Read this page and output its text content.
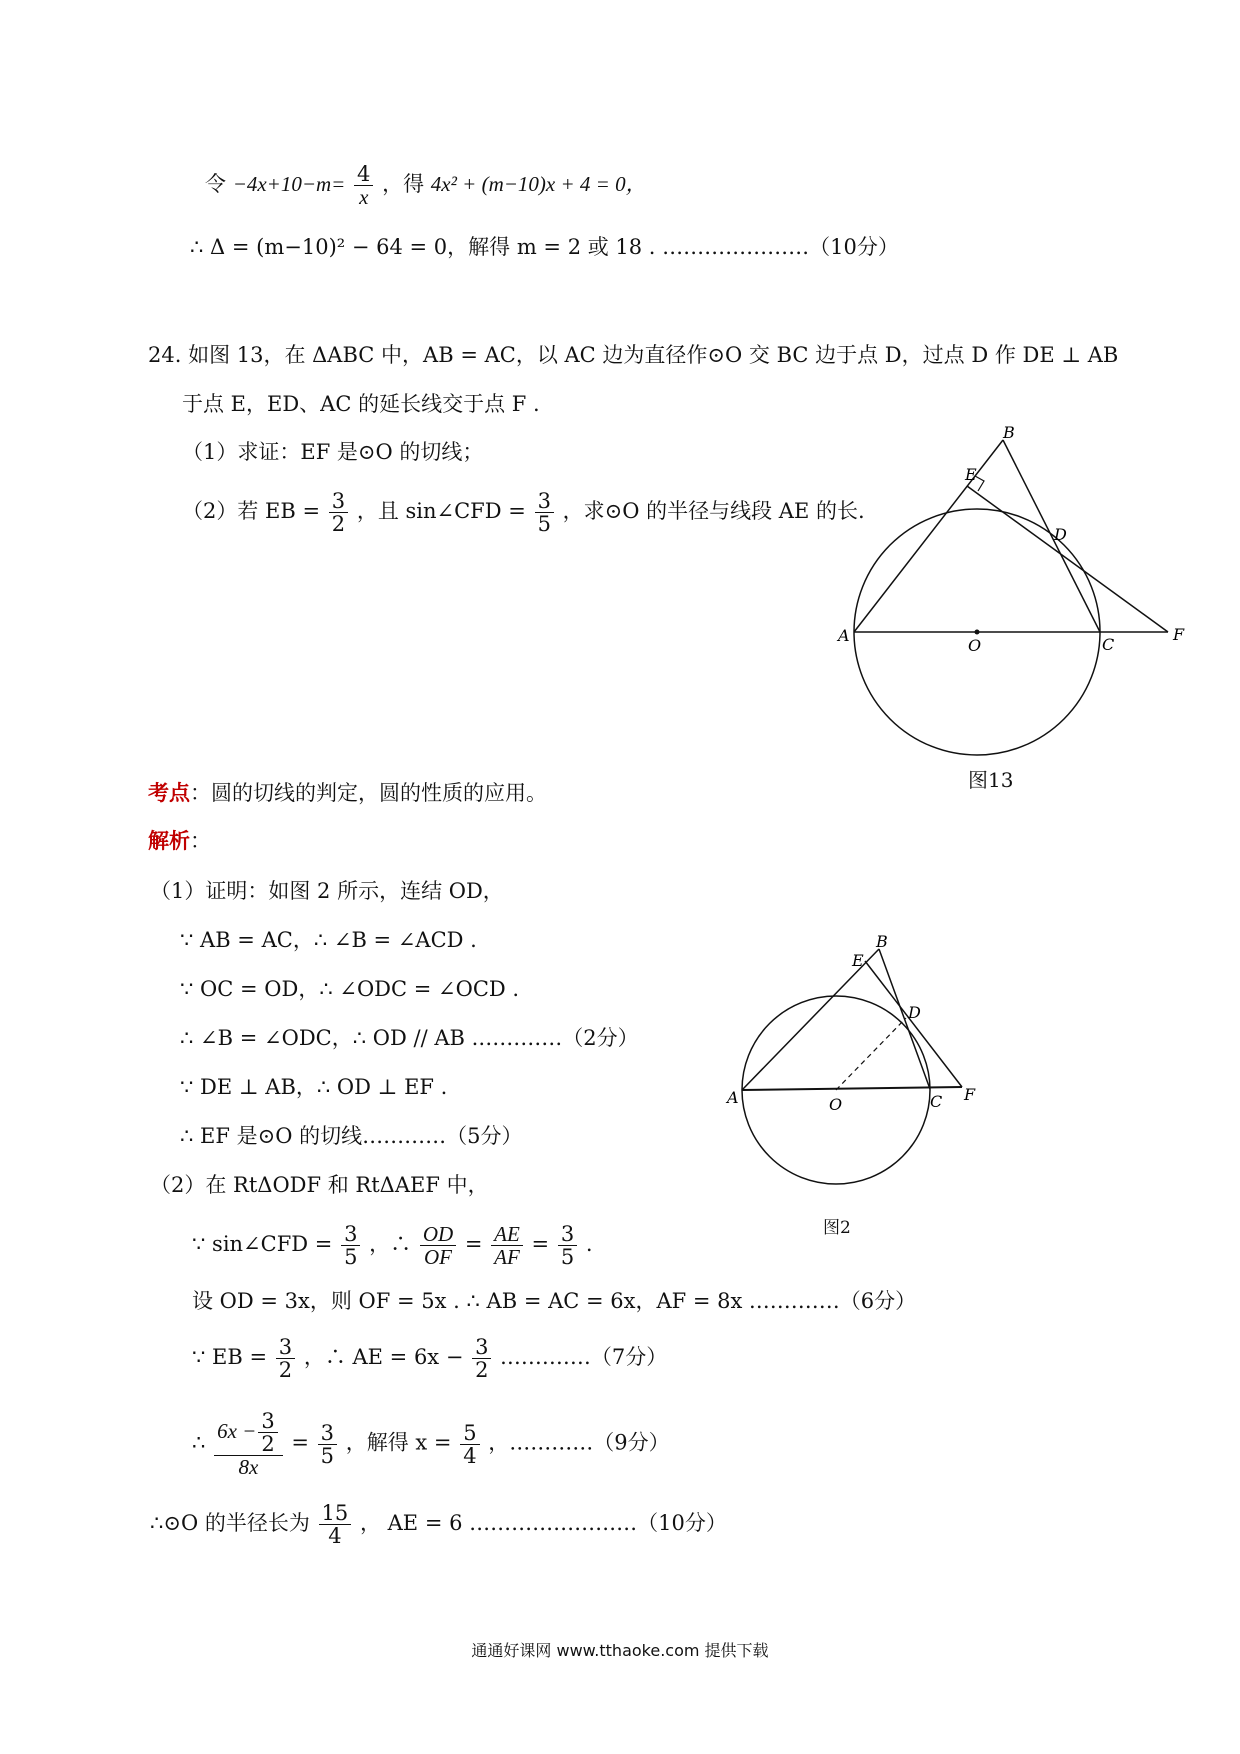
令 $-4x+10-m= \frac{4}{x}$ ，得 4x² + (m−10)x + 4 = 0，
∴ Δ = (m−10)² − 64 = 0，解得 m = 2 或 18 . …………………（10分）
24. 如图 13，在 ΔABC 中，AB = AC，以 AC 边为直径作⊙O 交 BC 边于点 D，过点 D 作 DE ⊥ AB
于点 E，ED、AC 的延长线交于点 F .
（1）求证：EF 是⊙O 的切线；
（2）若 EB = $\frac{3}{2}$ ，且 sin∠CFD = $\frac{3}{5}$ ，求⊙O 的半径与线段 AE 的长.
A
B
C
D
E
F
O
图13
考点：圆的切线的判定，圆的性质的应用。
解析：
（1）证明：如图 2 所示，连结 OD，
∵ AB = AC，∴ ∠B = ∠ACD .
∵ OC = OD，∴ ∠ODC = ∠OCD .
∴ ∠B = ∠ODC，∴ OD // AB .…………（2分）
∵ DE ⊥ AB，∴ OD ⊥ EF .
∴ EF 是⊙O 的切线…………（5分）
（2）在 RtΔODF 和 RtΔAEF 中，
∵ sin∠CFD = $\frac{3}{5}$ ，∴ $\frac{OD}{OF} = \frac{AE}{AF} = \frac{3}{5}$ .
设 OD = 3x，则 OF = 5x . ∴ AB = AC = 6x，AF = 8x .…………（6分）
∵ EB = $\frac{3}{2}$ ，∴ AE = $6x - \frac{3}{2}$ .…………（7分）
∴ $\frac{6x - \frac{3}{2}}{8x} = \frac{3}{5}$ ，解得 $x = \frac{5}{4}$ ，…………（9分）
∴⊙O 的半径长为 $\frac{15}{4}$ ， AE = 6 ……………………（10分）
A
B
C
D
E
F
O
图2
通通好课网 www.tthaoke.com 提供下载
